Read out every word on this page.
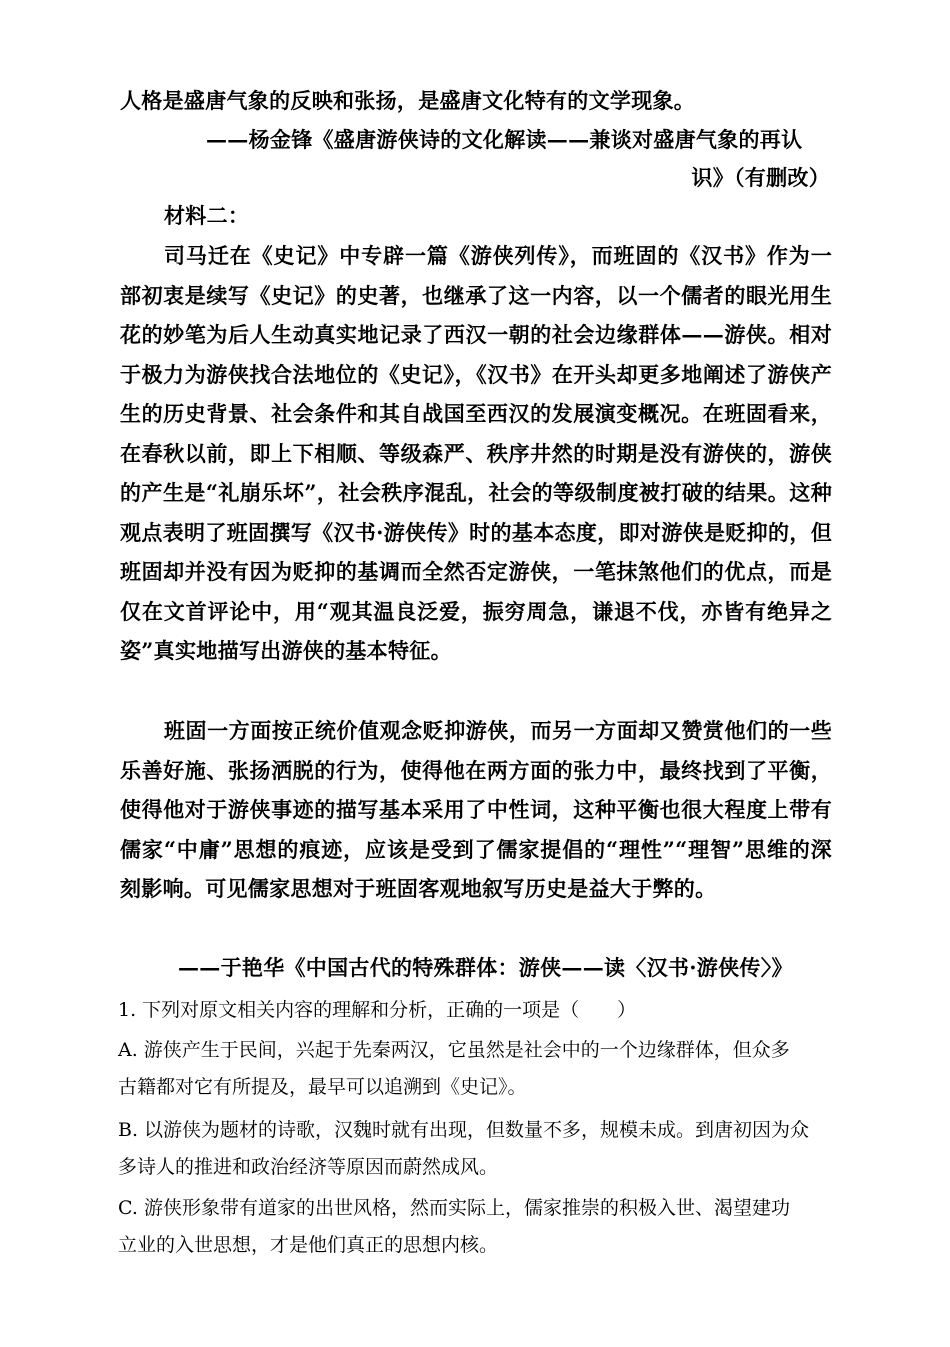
人格是盛唐气象的反映和张扬，是盛唐文化特有的文学现象。

——杨金锋《盛唐游侠诗的文化解读——兼谈对盛唐气象的再认

识》（有删改）

材料二：

司马迁在《史记》中专辟一篇《游侠列传》，而班固的《汉书》作为一部初衷是续写《史记》的史著，也继承了这一内容，以一个儒者的眼光用生花的妙笔为后人生动真实地记录了西汉一朝的社会边缘群体——游侠。相对于极力为游侠找合法地位的《史记》，《汉书》在开头却更多地阐述了游侠产生的历史背景、社会条件和其自战国至西汉的发展演变概况。在班固看来，在春秋以前，即上下相顺、等级森严、秩序井然的时期是没有游侠的，游侠的产生是“礼崩乐坏”，社会秩序混乱，社会的等级制度被打破的结果。这种观点表明了班固撰写《汉书·游侠传》时的基本态度，即对游侠是贬抑的，但班固却并没有因为贬抑的基调而全然否定游侠，一笔抹煞他们的优点，而是仅在文首评论中，用“观其温良泛爱，振穷周急，谦退不伐，亦皆有绝异之姿”真实地描写出游侠的基本特征。

班固一方面按正统价值观念贬抑游侠，而另一方面却又赞赏他们的一些乐善好施、张扬洒脱的行为，使得他在两方面的张力中，最终找到了平衡，使得他对于游侠事迹的描写基本采用了中性词，这种平衡也很大程度上带有儒家“中庸”思想的痕迹，应该是受到了儒家提倡的“理性”“理智”思维的深刻影响。可见儒家思想对于班固客观地叙写历史是益大于弊的。

——于艳华《中国古代的特殊群体：游侠——读〈汉书·游侠传〉》

1. 下列对原文相关内容的理解和分析，正确的一项是（　　）

A. 游侠产生于民间，兴起于先秦两汉，它虽然是社会中的一个边缘群体，但众多古籍都对它有所提及，最早可以追溯到《史记》。

B. 以游侠为题材的诗歌，汉魏时就有出现，但数量不多，规模未成。到唐初因为众多诗人的推进和政治经济等原因而蔚然成风。

C. 游侠形象带有道家的出世风格，然而实际上，儒家推崇的积极入世、渴望建功立业的入世思想，才是他们真正的思想内核。
